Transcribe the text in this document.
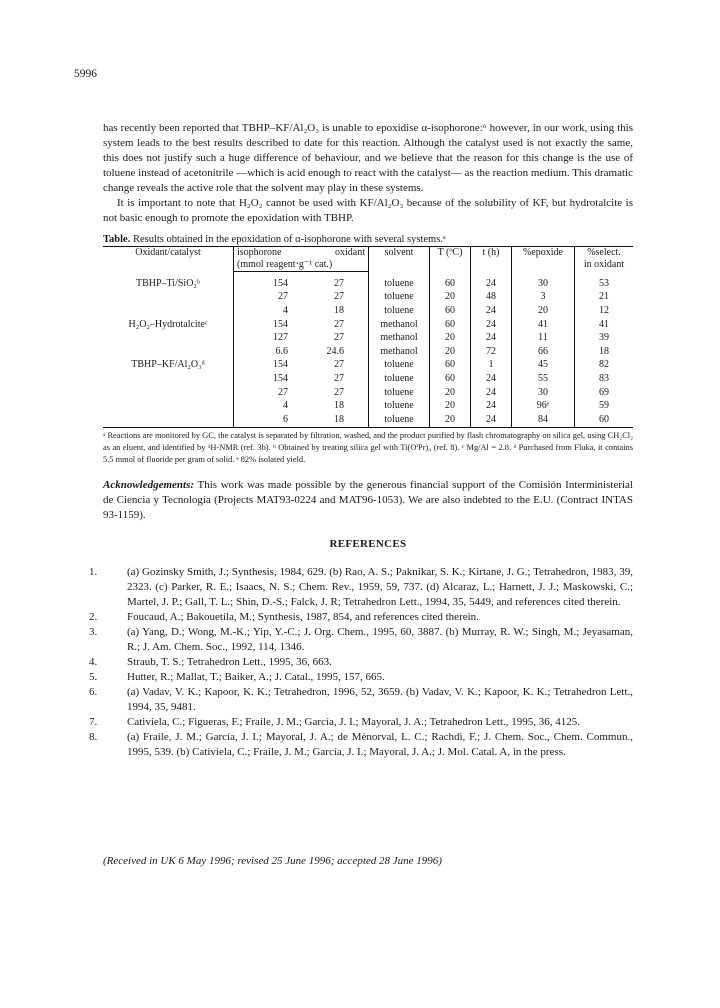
5996

has recently been reported that TBHP–KF/Al₂O₃ is unable to epoxidise α-isophorone:⁶ however, in our work, using this system leads to the best results described to date for this reaction. Although the catalyst used is not exactly the same, this does not justify such a huge difference of behaviour, and we believe that the reason for this change is the use of toluene instead of acetonitrile —which is acid enough to react with the catalyst— as the reaction medium. This dramatic change reveals the active role that the solvent may play in these systems.

It is important to note that H₂O₂ cannot be used with KF/Al₂O₃ because of the solubility of KF, but hydrotalcite is not basic enough to promote the epoxidation with TBHP.

Table. Results obtained in the epoxidation of α-isophorone with several systems.ᵃ
Oxidant/catalyst	isophorone	oxidant	solvent	T (ºC)	t (h)	%epoxide	%select.
in oxidant
	(mmol reagent·g⁻¹ cat.)						

TBHP–Ti/SiO₂ᵇ	154	27	toluene	60	24	30	53
	27	27	toluene	20	48	3	21
	4	18	toluene	60	24	20	12
H₂O₂–Hydrotalciteᶜ	154	27	methanol	60	24	41	41
	127	27	methanol	20	24	11	39
	6.6	24.6	methanol	20	72	66	18
TBHP–KF/Al₂O₃ᵈ	154	27	toluene	60	1	45	82
	154	27	toluene	60	24	55	83
	27	27	toluene	20	24	30	69
	4	18	toluene	20	24	96ᵉ	59
	6	18	toluene	20	24	84	60
ᵃ Reactions are monitored by GC, the catalyst is separated by filtration, washed, and the product purified by flash chromatography on silica gel, using CH₂Cl₂ as an eluent, and identified by ¹H-NMR (ref. 3b). ᵇ Obtained by treating silica gel with Ti(OⁱPr)₄ (ref. 8). ᶜ Mg/Al = 2.8. ᵈ Purchased from Fluka, it contains 5.5 mmol of fluoride per gram of solid. ᵉ 82% isolated yield.
Acknowledgements: This work was made possible by the generous financial support of the Comisión Interministerial de Ciencia y Tecnología (Projects MAT93-0224 and MAT96-1053). We are also indebted to the E.U. (Contract INTAS 93-1159).
REFERENCES
1.	(a) Gozinsky Smith, J.; Synthesis, 1984, 629. (b) Rao, A. S.; Paknikar, S. K.; Kirtane, J. G.; Tetrahedron, 1983, 39, 2323. (c) Parker, R. E.; Isaacs, N. S.; Chem. Rev., 1959, 59, 737. (d) Alcaraz, L.; Harnett, J. J.; Maskowski, C.; Martel, J. P.; Gall, T. L.; Shin, D.-S.; Falck, J. R; Tetrahedron Lett., 1994, 35, 5449, and references cited therein.
2.	Foucaud, A.; Bakouetila, M.; Synthesis, 1987, 854, and references cited therein.
3.	(a) Yang, D.; Wong, M.-K.; Yip, Y.-C.; J. Org. Chem., 1995, 60, 3887. (b) Murray, R. W.; Singh, M.; Jeyasaman, R.; J. Am. Chem. Soc., 1992, 114, 1346.
4.	Straub, T. S.; Tetrahedron Lett., 1995, 36, 663.
5.	Hutter, R.; Mallat, T.; Baiker, A.; J. Catal., 1995, 157, 665.
6.	(a) Vadav, V. K.; Kapoor, K. K.; Tetrahedron, 1996, 52, 3659. (b) Vadav, V. K.; Kapoor, K. K.; Tetrahedron Lett., 1994, 35, 9481.
7.	Cativiela, C.; Figueras, F.; Fraile, J. M.; García, J. I.; Mayoral, J. A.; Tetrahedron Lett., 1995, 36, 4125.
8.	(a) Fraile, J. M.; García, J. I.; Mayoral, J. A.; de Mènorval, L. C.; Rachdi, F.; J. Chem. Soc., Chem. Commun., 1995, 539. (b) Cativiela, C.; Fraile, J. M.; García, J. I.; Mayoral, J. A.; J. Mol. Catal. A, in the press.
(Received in UK 6 May 1996; revised 25 June 1996; accepted 28 June 1996)
